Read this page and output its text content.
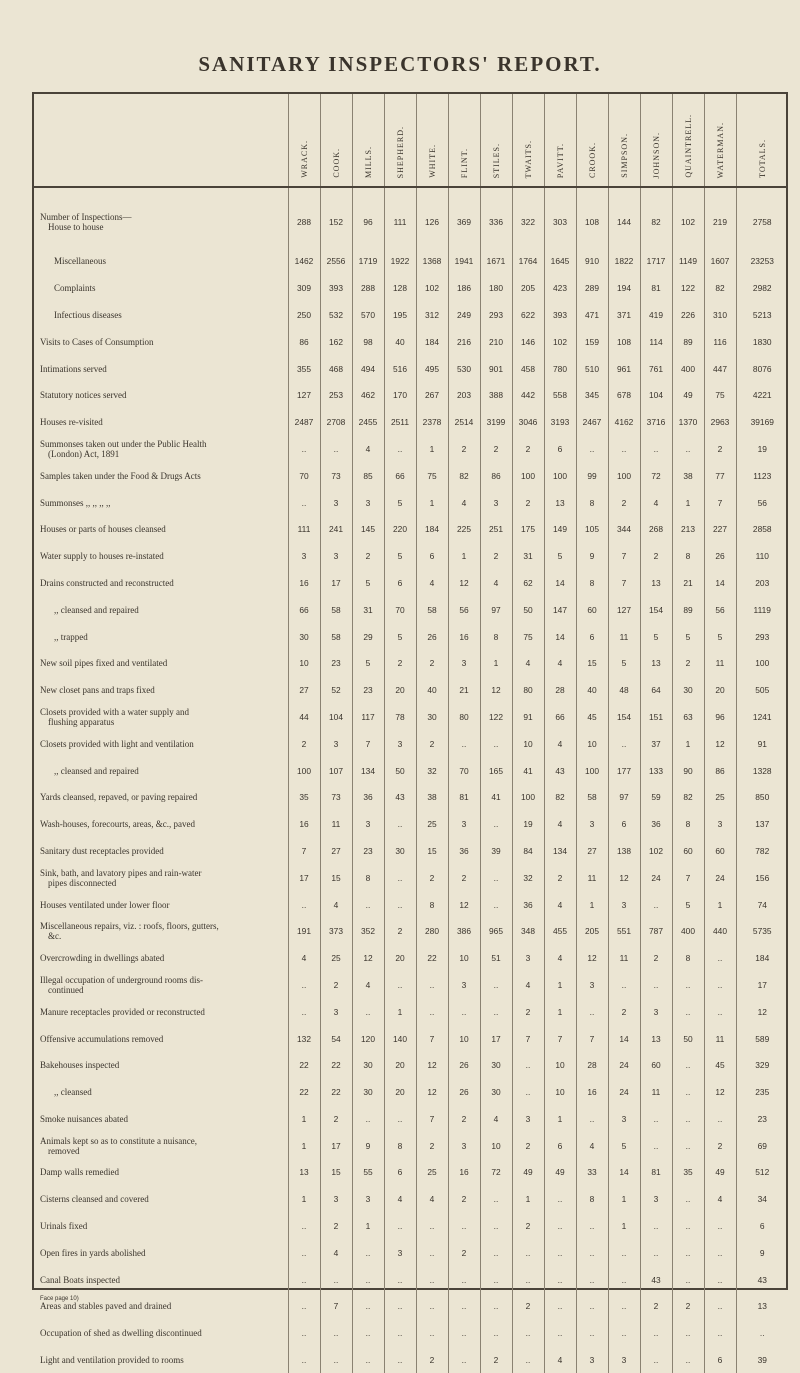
SANITARY INSPECTORS' REPORT.

	WRACK.	COOK.	MILLS.	SHEPHERD.	WHITE.	FLINT.	STILES.	TWAITS.	PAVITT.	CROOK.	SIMPSON.	JOHNSON.	QUAINTRELL.	WATERMAN.	TOTALS.

Number of Inspections—
House to house	288	152	96	111	126	369	336	322	303	108	144	82	102	219	2758
Miscellaneous	1462	2556	1719	1922	1368	1941	1671	1764	1645	910	1822	1717	1149	1607	23253
Complaints	309	393	288	128	102	186	180	205	423	289	194	81	122	82	2982
Infectious diseases	250	532	570	195	312	249	293	622	393	471	371	419	226	310	5213
Visits to Cases of Consumption	86	162	98	40	184	216	210	146	102	159	108	114	89	116	1830
Intimations served	355	468	494	516	495	530	901	458	780	510	961	761	400	447	8076
Statutory notices served	127	253	462	170	267	203	388	442	558	345	678	104	49	75	4221
Houses re-visited	2487	2708	2455	2511	2378	2514	3199	3046	3193	2467	4162	3716	1370	2963	39169
Summonses taken out under the Public Health
(London) Act, 1891	..	..	4	..	1	2	2	2	6	..	..	..	..	2	19
Samples taken under the Food & Drugs Acts	70	73	85	66	75	82	86	100	100	99	100	72	38	77	1123
Summonses ,, ,, ,, ,,	..	3	3	5	1	4	3	2	13	8	2	4	1	7	56
Houses or parts of houses cleansed	111	241	145	220	184	225	251	175	149	105	344	268	213	227	2858
Water supply to houses re-instated	3	3	2	5	6	1	2	31	5	9	7	2	8	26	110
Drains constructed and reconstructed	16	17	5	6	4	12	4	62	14	8	7	13	21	14	203
,, cleansed and repaired	66	58	31	70	58	56	97	50	147	60	127	154	89	56	1119
,, trapped	30	58	29	5	26	16	8	75	14	6	11	5	5	5	293
New soil pipes fixed and ventilated	10	23	5	2	2	3	1	4	4	15	5	13	2	11	100
New closet pans and traps fixed	27	52	23	20	40	21	12	80	28	40	48	64	30	20	505
Closets provided with a water supply and
flushing apparatus	44	104	117	78	30	80	122	91	66	45	154	151	63	96	1241
Closets provided with light and ventilation	2	3	7	3	2	..	..	10	4	10	..	37	1	12	91
,, cleansed and repaired	100	107	134	50	32	70	165	41	43	100	177	133	90	86	1328
Yards cleansed, repaved, or paving repaired	35	73	36	43	38	81	41	100	82	58	97	59	82	25	850
Wash-houses, forecourts, areas, &c., paved	16	11	3	..	25	3	..	19	4	3	6	36	8	3	137
Sanitary dust receptacles provided	7	27	23	30	15	36	39	84	134	27	138	102	60	60	782
Sink, bath, and lavatory pipes and rain-water
pipes disconnected	17	15	8	..	2	2	..	32	2	11	12	24	7	24	156
Houses ventilated under lower floor	..	4	..	..	8	12	..	36	4	1	3	..	5	1	74
Miscellaneous repairs, viz. : roofs, floors, gutters,
&c.	191	373	352	2	280	386	965	348	455	205	551	787	400	440	5735
Overcrowding in dwellings abated	4	25	12	20	22	10	51	3	4	12	11	2	8	..	184
Illegal occupation of underground rooms dis-
continued	..	2	4	..	..	3	..	4	1	3	..	..	..	..	17
Manure receptacles provided or reconstructed	..	3	..	1	..	..	..	2	1	..	2	3	..	..	12
Offensive accumulations removed	132	54	120	140	7	10	17	7	7	7	14	13	50	11	589
Bakehouses inspected	22	22	30	20	12	26	30	..	10	28	24	60	..	45	329
,, cleansed	22	22	30	20	12	26	30	..	10	16	24	11	..	12	235
Smoke nuisances abated	1	2	..	..	7	2	4	3	1	..	3	..	..	..	23
Animals kept so as to constitute a nuisance,
removed	1	17	9	8	2	3	10	2	6	4	5	..	..	2	69
Damp walls remedied	13	15	55	6	25	16	72	49	49	33	14	81	35	49	512
Cisterns cleansed and covered	1	3	3	4	4	2	..	1	..	8	1	3	..	4	34
Urinals fixed	..	2	1	..	..	..	..	2	..	..	1	..	..	..	6
Open fires in yards abolished	..	4	..	3	..	2	..	..	..	..	..	..	..	..	9
Canal Boats inspected	..	..	..	..	..	..	..	..	..	..	..	43	..	..	43
Areas and stables paved and drained	..	7	..	..	..	..	..	2	..	..	..	2	2	..	13
Occupation of shed as dwelling discontinued	..	..	..	..	..	..	..	..	..	..	..	..	..	..	..
Light and ventilation provided to rooms	..	..	..	..	2	..	2	..	4	3	3	..	..	6	39
Face page 10)
